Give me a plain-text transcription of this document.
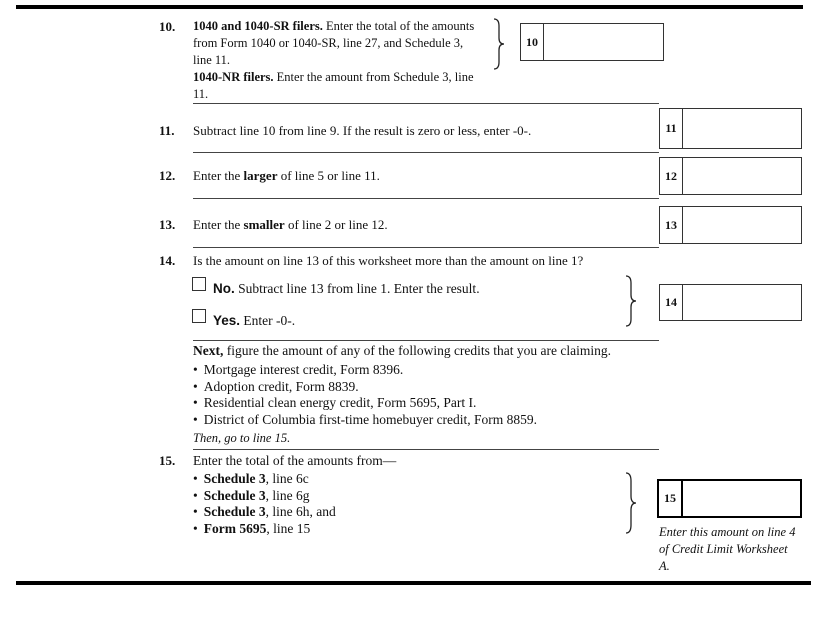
10. 1040 and 1040-SR filers. Enter the total of the amounts from Form 1040 or 1040-SR, line 27, and Schedule 3, line 11.
1040-NR filers. Enter the amount from Schedule 3, line 11.
10
11. Subtract line 10 from line 9. If the result is zero or less, enter -0-.	11
12. Enter the larger of line 5 or line 11.	12
13. Enter the smaller of line 2 or line 12.	13
14. Is the amount on line 13 of this worksheet more than the amount on line 1?
No. Subtract line 13 from line 1. Enter the result.
Yes. Enter -0-.
14
Next, figure the amount of any of the following credits that you are claiming.
• Mortgage interest credit, Form 8396.
• Adoption credit, Form 8839.
• Residential clean energy credit, Form 5695, Part I.
• District of Columbia first-time homebuyer credit, Form 8859.
Then, go to line 15.
15. Enter the total of the amounts from—
• Schedule 3, line 6c
• Schedule 3, line 6g
• Schedule 3, line 6h, and
• Form 5695, line 15
15
Enter this amount on line 4 of Credit Limit Worksheet A.
